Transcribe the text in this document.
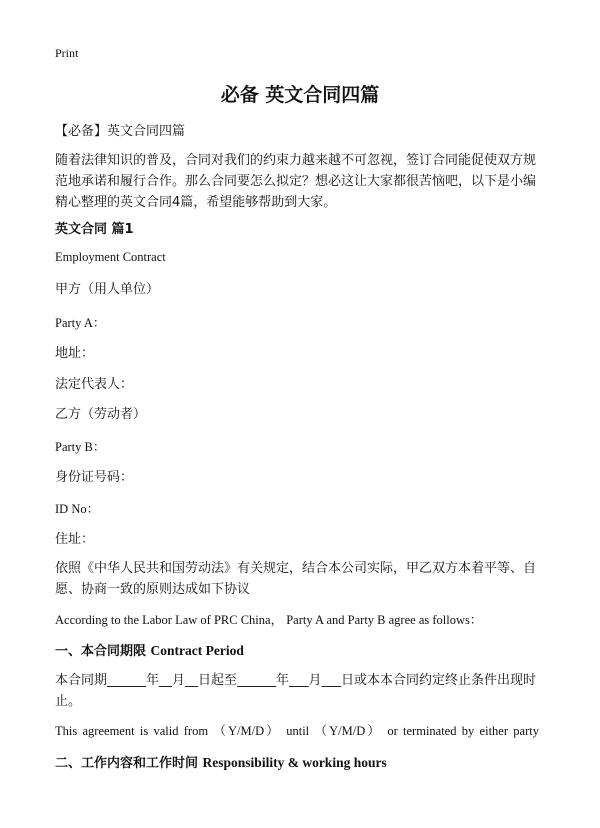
Print
必备 英文合同四篇
【必备】英文合同四篇
随着法律知识的普及，合同对我们的约束力越来越不可忽视，签订合同能促使双方规范地承诺和履行合作。那么合同要怎么拟定？想必这让大家都很苦恼吧，以下是小编精心整理的英文合同4篇，希望能够帮助到大家。
英文合同 篇1
Employment Contract
甲方（用人单位）
Party A：
地址：
法定代表人：
乙方（劳动者）
Party B：
身份证号码：
ID No：
住址：
依照《中华人民共和国劳动法》有关规定，结合本公司实际，甲乙双方本着平等、自愿、协商一致的原则达成如下协议
According to the Labor Law of PRC China， Party A and Party B agree as follows：
一、本合同期限 Contract Period
本合同期______年__月__日起至______年___月___日或本本合同约定终止条件出现时止。
This agreement is valid from （Y/M/D） until （Y/M/D） or terminated by either party
二、工作内容和工作时间 Responsibility & working hours
